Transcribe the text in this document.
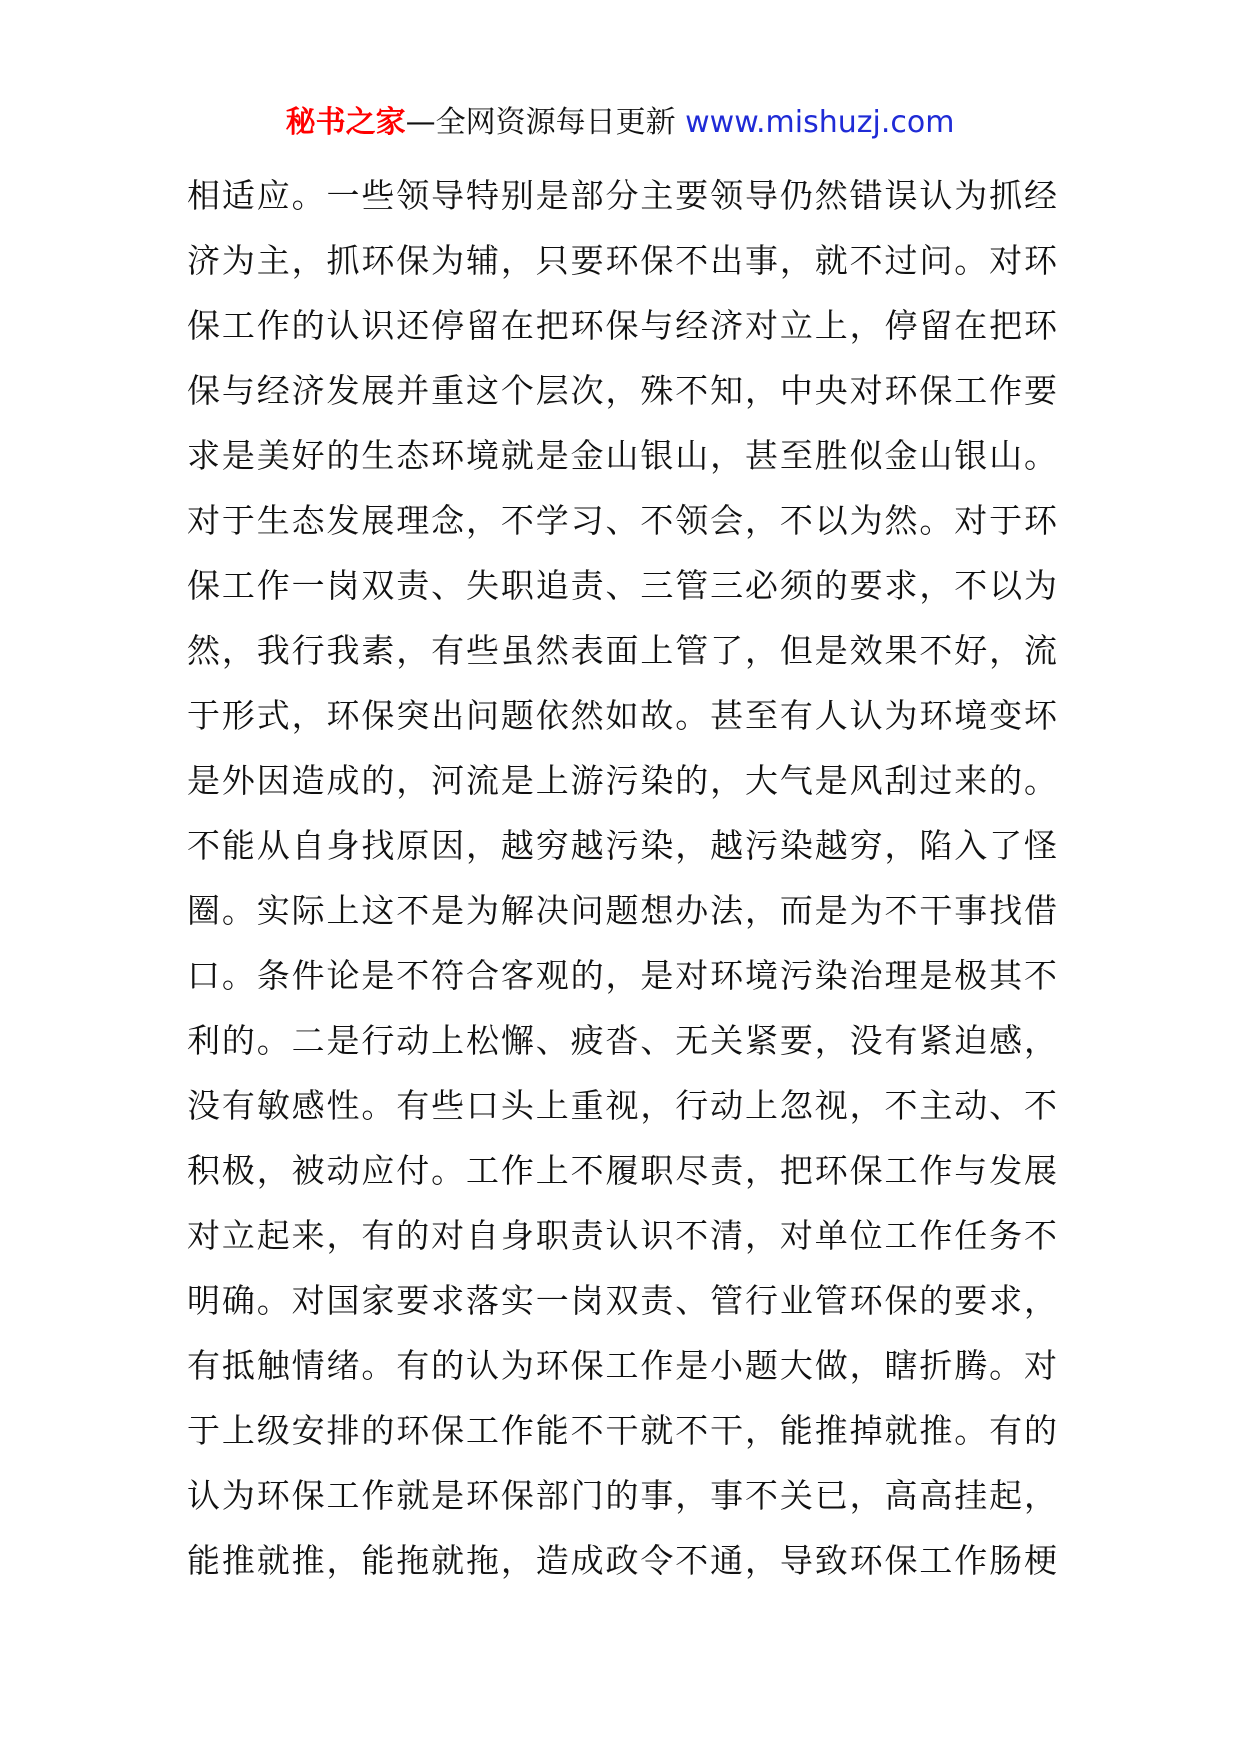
秘书之家—全网资源每日更新 www.mishuzj.com
相适应。一些领导特别是部分主要领导仍然错误认为抓经
济为主，抓环保为辅，只要环保不出事，就不过问。对环
保工作的认识还停留在把环保与经济对立上，停留在把环
保与经济发展并重这个层次，殊不知，中央对环保工作要
求是美好的生态环境就是金山银山，甚至胜似金山银山。
对于生态发展理念，不学习、不领会，不以为然。对于环
保工作一岗双责、失职追责、三管三必须的要求，不以为
然，我行我素，有些虽然表面上管了，但是效果不好，流
于形式，环保突出问题依然如故。甚至有人认为环境变坏
是外因造成的，河流是上游污染的，大气是风刮过来的。
不能从自身找原因，越穷越污染，越污染越穷，陷入了怪
圈。实际上这不是为解决问题想办法，而是为不干事找借
口。条件论是不符合客观的，是对环境污染治理是极其不
利的。二是行动上松懈、疲沓、无关紧要，没有紧迫感，
没有敏感性。有些口头上重视，行动上忽视，不主动、不
积极，被动应付。工作上不履职尽责，把环保工作与发展
对立起来，有的对自身职责认识不清，对单位工作任务不
明确。对国家要求落实一岗双责、管行业管环保的要求，
有抵触情绪。有的认为环保工作是小题大做，瞎折腾。对
于上级安排的环保工作能不干就不干，能推掉就推。有的
认为环保工作就是环保部门的事，事不关已，高高挂起，
能推就推，能拖就拖，造成政令不通，导致环保工作肠梗
